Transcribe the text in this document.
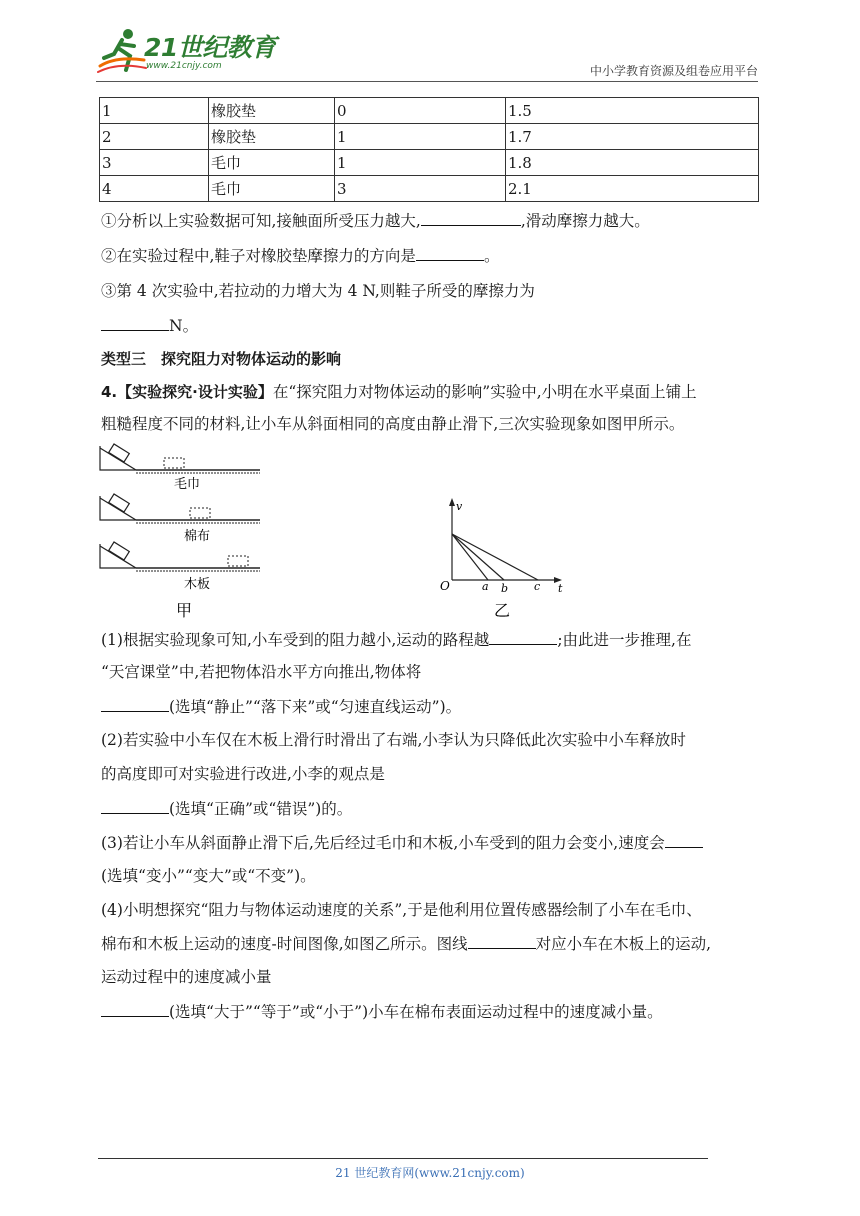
21世纪教育
www.21cnjy.com	中小学教育资源及组卷应用平台
1	橡胶垫	0	1.5
2	橡胶垫	1	1.7
3	毛巾	1	1.8
4	毛巾	3	2.1
①分析以上实验数据可知,接触面所受压力越大,	,滑动摩擦力越大。
②在实验过程中,鞋子对橡胶垫摩擦力的方向是	。
③第 4 次实验中,若拉动的力增大为 4 N,则鞋子所受的摩擦力为
N。
类型三　探究阻力对物体运动的影响
4.【实验探究·设计实验】在“探究阻力对物体运动的影响”实验中,小明在水平桌面上铺上
粗糙程度不同的材料,让小车从斜面相同的高度由静止滑下,三次实验现象如图甲所示。
毛巾
棉布
木板
甲
v
O	a b c t
乙
(1)根据实验现象可知,小车受到的阻力越小,运动的路程越	;由此进一步推理,在
“天宫课堂”中,若把物体沿水平方向推出,物体将
(选填“静止”“落下来”或“匀速直线运动”)。
(2)若实验中小车仅在木板上滑行时滑出了右端,小李认为只降低此次实验中小车释放时
的高度即可对实验进行改进,小李的观点是
(选填“正确”或“错误”)的。
(3)若让小车从斜面静止滑下后,先后经过毛巾和木板,小车受到的阻力会变小,速度会
(选填“变小”“变大”或“不变”)。
(4)小明想探究“阻力与物体运动速度的关系”,于是他利用位置传感器绘制了小车在毛巾、
棉布和木板上运动的速度-时间图像,如图乙所示。图线	对应小车在木板上的运动,
运动过程中的速度减小量
(选填“大于”“等于”或“小于”)小车在棉布表面运动过程中的速度减小量。
21 世纪教育网(www.21cnjy.com)
